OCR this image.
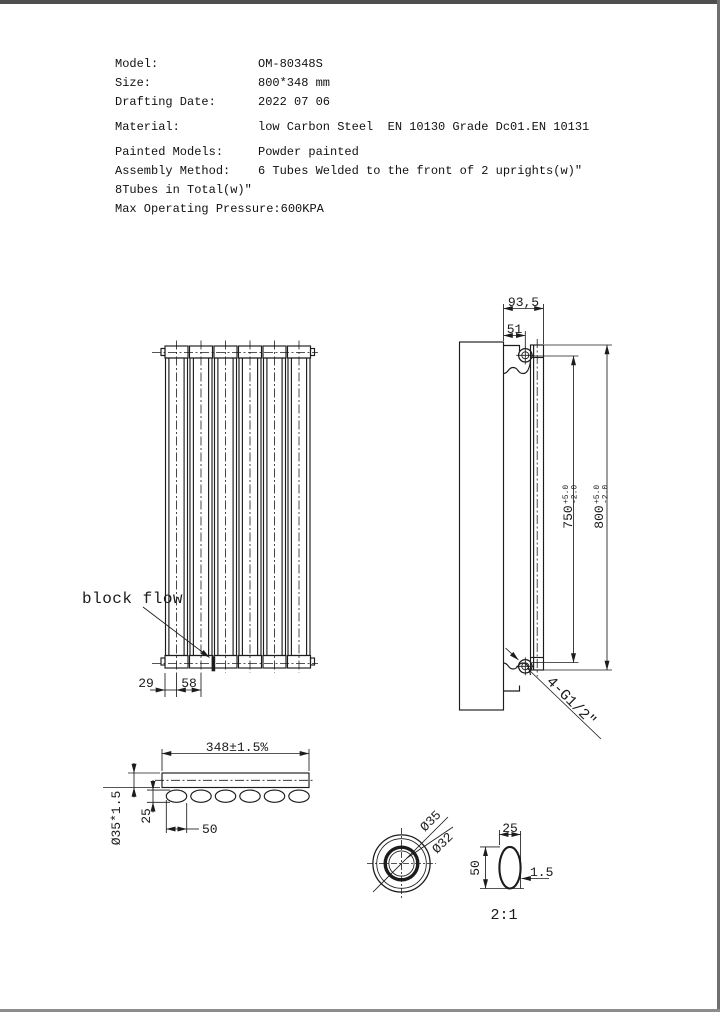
Model:	OM-80348S
Size:	800*348 mm
Drafting Date:	2022 07 06
Material:	low Carbon Steel  EN 10130 Grade Dc01.EN 10131
Painted Models:	Powder painted
Assembly Method:	6 Tubes Welded to the front of 2 uprights(w)″
8Tubes in Total(w)″
Max Operating Pressure: 600KPA
block flow
29 58
93,5
51
750
+5.0 -2.0
800
+5.0 -2.0
4-G1/2″
348±1.5%
Ø35*1.5 25
50	Ø35
Ø32
25
50	1.5
2:1
